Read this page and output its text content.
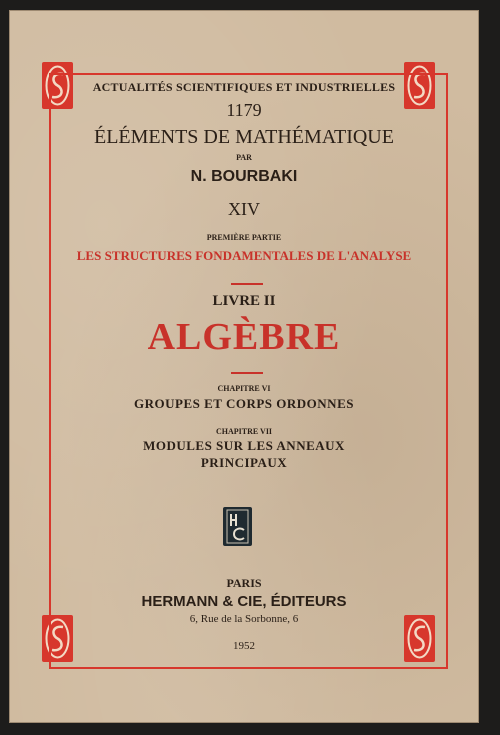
ACTUALITÉS SCIENTIFIQUES ET INDUSTRIELLES
1179
ÉLÉMENTS DE MATHÉMATIQUE
PAR
N. BOURBAKI
XIV
PREMIÈRE PARTIE
LES STRUCTURES FONDAMENTALES DE L'ANALYSE
LIVRE II
ALGÈBRE
CHAPITRE VI
GROUPES ET CORPS ORDONNES
CHAPITRE VII
MODULES SUR LES ANNEAUX
PRINCIPAUX
PARIS
HERMANN & CIE, ÉDITEURS
6, Rue de la Sorbonne, 6
1952
